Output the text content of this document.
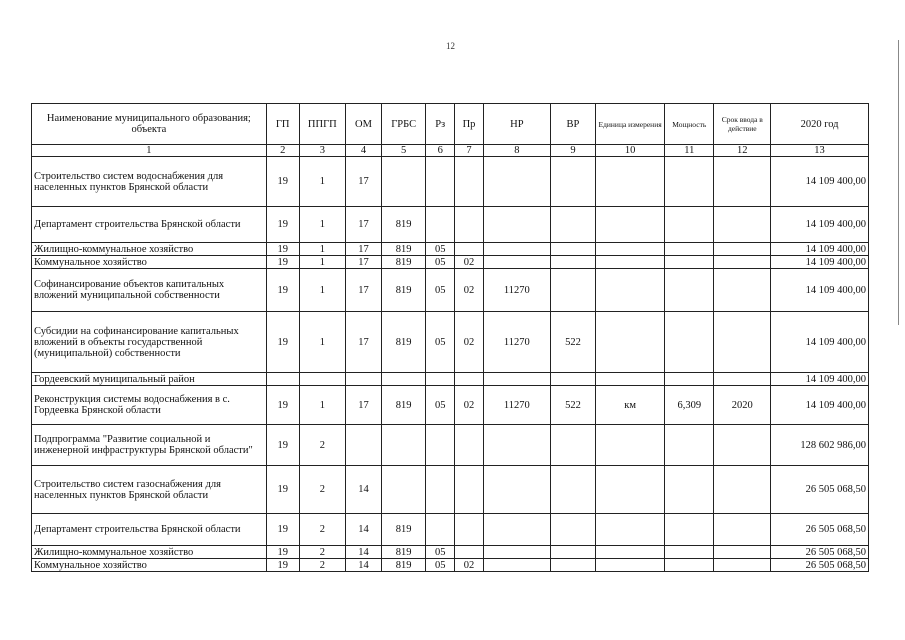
12
Наименование муниципального образования; объекта	ГП	ППГП	ОМ	ГРБС	Рз	Пр	НР	ВР	Единица измерения	Мощность	Срок ввода в действие	2020 год
1	2	3	4	5	6	7	8	9	10	11	12	13
Строительство систем водоснабжения для населенных пунктов Брянской области	19	1	17									14 109 400,00
Департамент строительства Брянской области	19	1	17	819								14 109 400,00
Жилищно-коммунальное хозяйство	19	1	17	819	05							14 109 400,00
Коммунальное хозяйство	19	1	17	819	05	02						14 109 400,00
Софинансирование объектов капитальных вложений муниципальной собственности	19	1	17	819	05	02	11270					14 109 400,00
Субсидии на софинансирование капитальных вложений в объекты государственной (муниципальной) собственности	19	1	17	819	05	02	11270	522				14 109 400,00
Гордеевский муниципальный район												14 109 400,00
Реконструкция системы водоснабжения в с. Гордеевка Брянской области	19	1	17	819	05	02	11270	522	км	6,309	2020	14 109 400,00
Подпрограмма "Развитие социальной и инженерной инфраструктуры Брянской области"	19	2										128 602 986,00
Строительство систем газоснабжения для населенных пунктов Брянской области	19	2	14									26 505 068,50
Департамент строительства Брянской области	19	2	14	819								26 505 068,50
Жилищно-коммунальное хозяйство	19	2	14	819	05							26 505 068,50
Коммунальное хозяйство	19	2	14	819	05	02						26 505 068,50
